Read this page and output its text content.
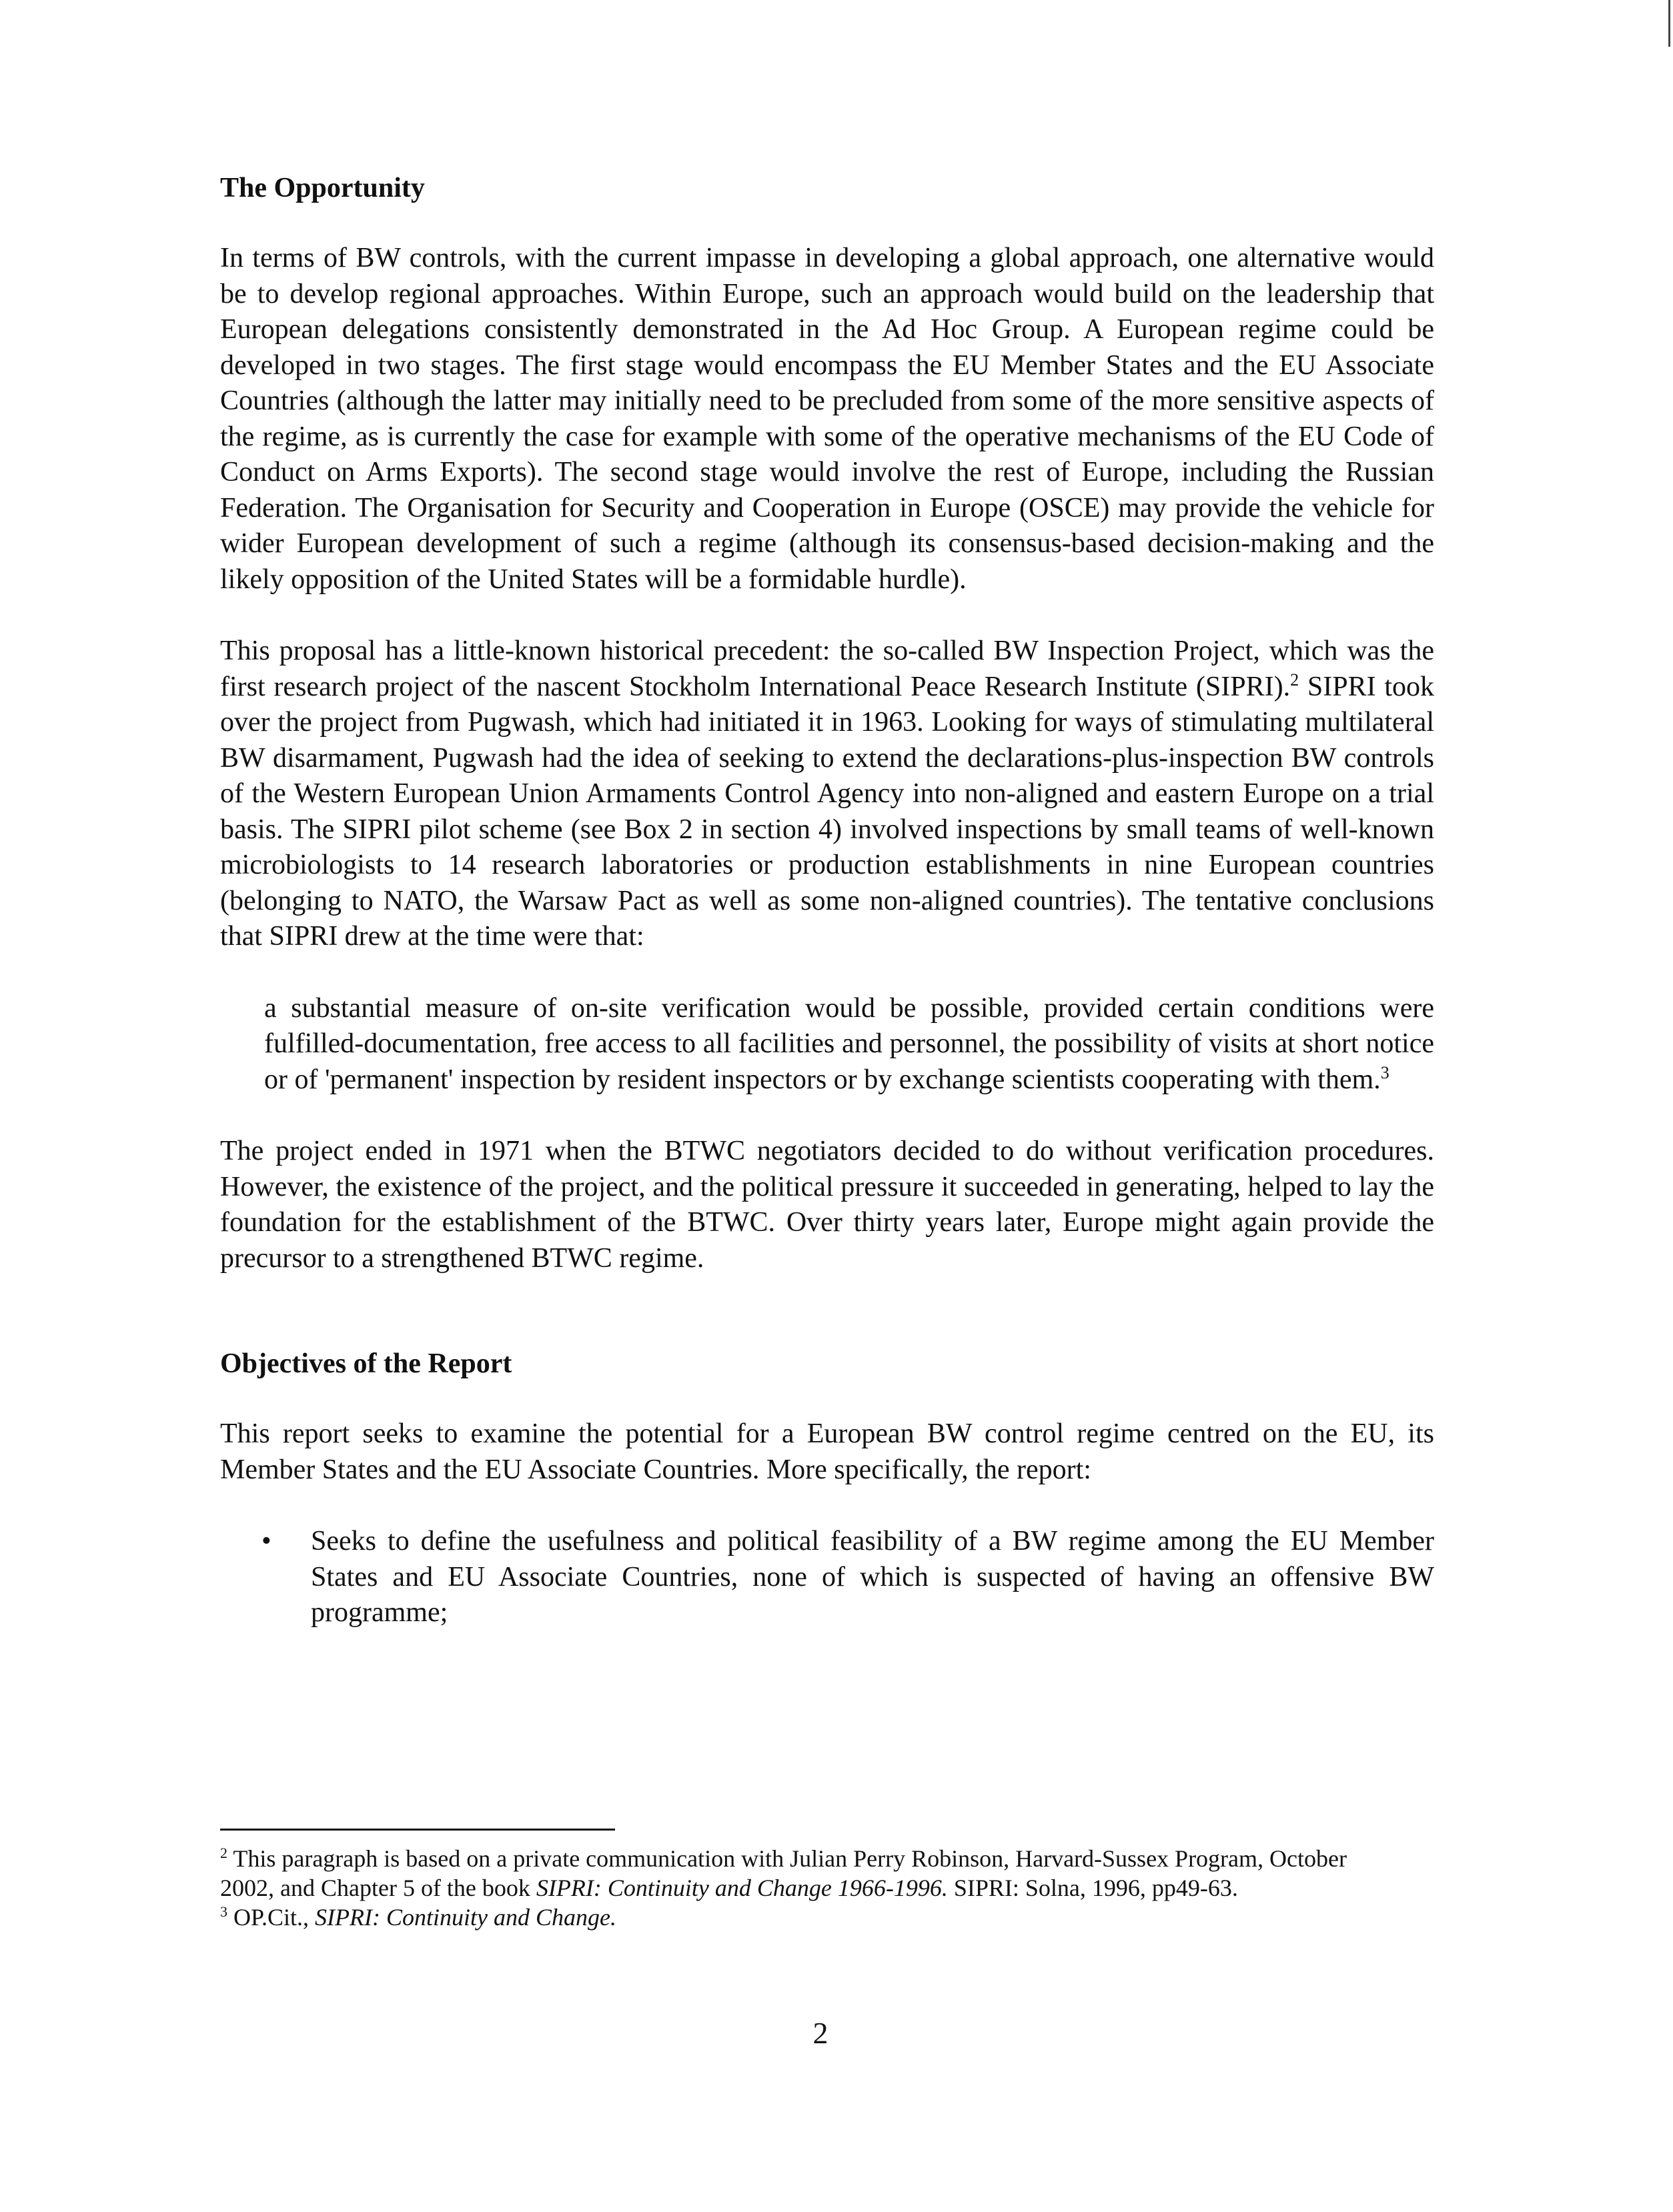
The Opportunity

In terms of BW controls, with the current impasse in developing a global approach, one alternative would be to develop regional approaches. Within Europe, such an approach would build on the leadership that European delegations consistently demonstrated in the Ad Hoc Group. A European regime could be developed in two stages. The first stage would encompass the EU Member States and the EU Associate Countries (although the latter may initially need to be precluded from some of the more sensitive aspects of the regime, as is currently the case for example with some of the operative mechanisms of the EU Code of Conduct on Arms Exports). The second stage would involve the rest of Europe, including the Russian Federation. The Organisation for Security and Cooperation in Europe (OSCE) may provide the vehicle for wider European development of such a regime (although its consensus-based decision-making and the likely opposition of the United States will be a formidable hurdle).

This proposal has a little-known historical precedent: the so-called BW Inspection Project, which was the first research project of the nascent Stockholm International Peace Research Institute (SIPRI).$^2$ SIPRI took over the project from Pugwash, which had initiated it in 1963. Looking for ways of stimulating multilateral BW disarmament, Pugwash had the idea of seeking to extend the declarations-plus-inspection BW controls of the Western European Union Armaments Control Agency into non-aligned and eastern Europe on a trial basis. The SIPRI pilot scheme (see Box 2 in section 4) involved inspections by small teams of well-known microbiologists to 14 research laboratories or production establishments in nine European countries (belonging to NATO, the Warsaw Pact as well as some non-aligned countries). The tentative conclusions that SIPRI drew at the time were that:

a substantial measure of on-site verification would be possible, provided certain conditions were fulfilled-documentation, free access to all facilities and personnel, the possibility of visits at short notice or of 'permanent' inspection by resident inspectors or by exchange scientists cooperating with them.$^3$

The project ended in 1971 when the BTWC negotiators decided to do without verification procedures. However, the existence of the project, and the political pressure it succeeded in generating, helped to lay the foundation for the establishment of the BTWC. Over thirty years later, Europe might again provide the precursor to a strengthened BTWC regime.

Objectives of the Report

This report seeks to examine the potential for a European BW control regime centred on the EU, its Member States and the EU Associate Countries. More specifically, the report:

•	Seeks to define the usefulness and political feasibility of a BW regime among the EU Member States and EU Associate Countries, none of which is suspected of having an offensive BW programme;

$^2$ This paragraph is based on a private communication with Julian Perry Robinson, Harvard-Sussex Program, October 2002, and Chapter 5 of the book SIPRI: Continuity and Change 1966-1996. SIPRI: Solna, 1996, pp49-63.

$^3$ OP.Cit., SIPRI: Continuity and Change.

2
